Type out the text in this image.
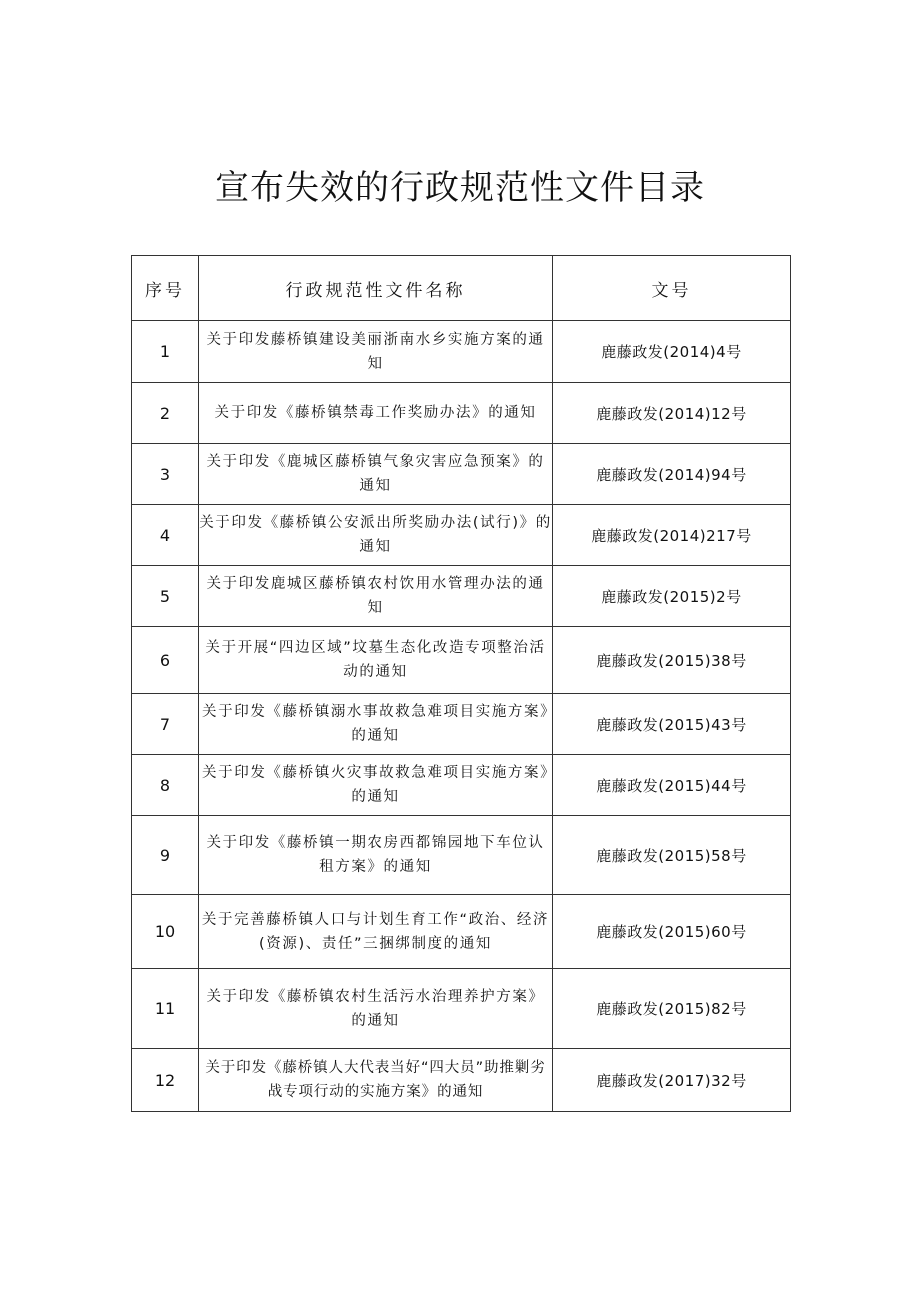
宣布失效的行政规范性文件目录
序号	行政规范性文件名称	文号
1	关于印发藤桥镇建设美丽浙南水乡实施方案的通知	鹿藤政发(2014)4号
2	关于印发《藤桥镇禁毒工作奖励办法》的通知	鹿藤政发(2014)12号
3	关于印发《鹿城区藤桥镇气象灾害应急预案》的通知	鹿藤政发(2014)94号
4	关于印发《藤桥镇公安派出所奖励办法(试行)》的通知	鹿藤政发(2014)217号
5	关于印发鹿城区藤桥镇农村饮用水管理办法的通知	鹿藤政发(2015)2号
6	关于开展“四边区域”坟墓生态化改造专项整治活动的通知	鹿藤政发(2015)38号
7	关于印发《藤桥镇溺水事故救急难项目实施方案》的通知	鹿藤政发(2015)43号
8	关于印发《藤桥镇火灾事故救急难项目实施方案》的通知	鹿藤政发(2015)44号
9	关于印发《藤桥镇一期农房西都锦园地下车位认租方案》的通知	鹿藤政发(2015)58号
10	关于完善藤桥镇人口与计划生育工作“政治、经济(资源)、责任”三捆绑制度的通知	鹿藤政发(2015)60号
11	关于印发《藤桥镇农村生活污水治理养护方案》的通知	鹿藤政发(2015)82号
12	关于印发《藤桥镇人大代表当好“四大员”助推剿劣战专项行动的实施方案》的通知	鹿藤政发(2017)32号
